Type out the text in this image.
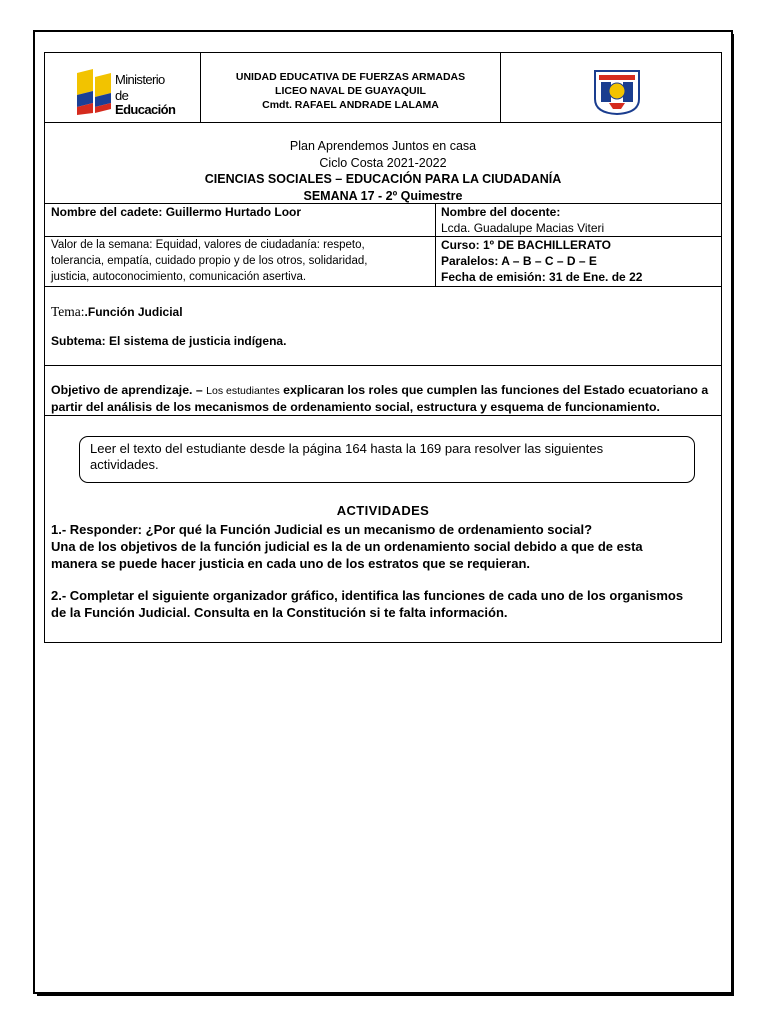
Ministerio
de Educación
UNIDAD EDUCATIVA DE FUERZAS ARMADAS
LICEO NAVAL DE GUAYAQUIL
Cmdt. RAFAEL ANDRADE LALAMA
Plan Aprendemos Juntos en casa
Ciclo Costa 2021-2022
CIENCIAS SOCIALES – EDUCACIÓN PARA LA CIUDADANÍA
SEMANA 17 - 2º Quimestre
Nombre del cadete: Guillermo Hurtado Loor	Nombre del docente:
Lcda. Guadalupe Macias Viteri
Valor de la semana: Equidad, valores de ciudadanía: respeto,
tolerancia, empatía, cuidado propio y de los otros, solidaridad,
justicia, autoconocimiento, comunicación asertiva.
Curso: 1º DE BACHILLERATO
Paralelos: A – B – C – D – E
Fecha de emisión: 31 de Ene. de 22
Tema:.Función Judicial
Subtema: El sistema de justicia indígena.
Objetivo de aprendizaje. – Los estudiantes explicaran los roles que cumplen las funciones del Estado ecuatoriano a
partir del análisis de los mecanismos de ordenamiento social, estructura y esquema de funcionamiento.
Leer el texto del estudiante desde la página 164 hasta la 169 para resolver las siguientes
actividades.
ACTIVIDADES
1.- Responder: ¿Por qué la Función Judicial es un mecanismo de ordenamiento social?
Una de los objetivos de la función judicial es la de un ordenamiento social debido a que de esta
manera se puede hacer justicia en cada uno de los estratos que se requieran.
2.- Completar el siguiente organizador gráfico, identifica las funciones de cada uno de los organismos
de la Función Judicial. Consulta en la Constitución si te falta información.
